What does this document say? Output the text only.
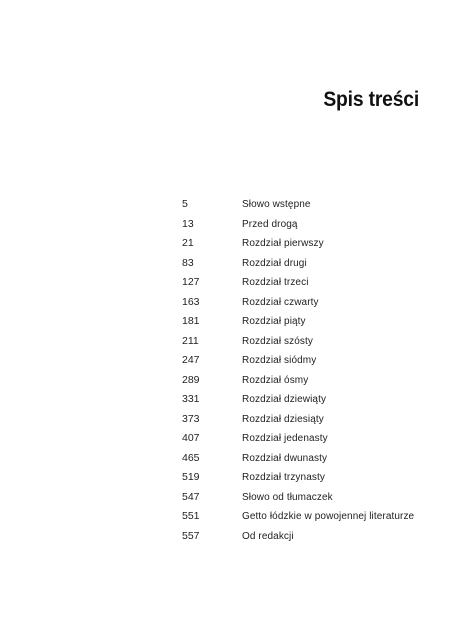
Spis treści
5	Słowo wstępne
13	Przed drogą
21	Rozdział pierwszy
83	Rozdział drugi
127	Rozdział trzeci
163	Rozdział czwarty
181	Rozdział piąty
211	Rozdział szósty
247	Rozdział siódmy
289	Rozdział ósmy
331	Rozdział dziewiąty
373	Rozdział dziesiąty
407	Rozdział jedenasty
465	Rozdział dwunasty
519	Rozdział trzynasty
547	Słowo od tłumaczek
551	Getto łódzkie w powojennej literaturze
557	Od redakcji
